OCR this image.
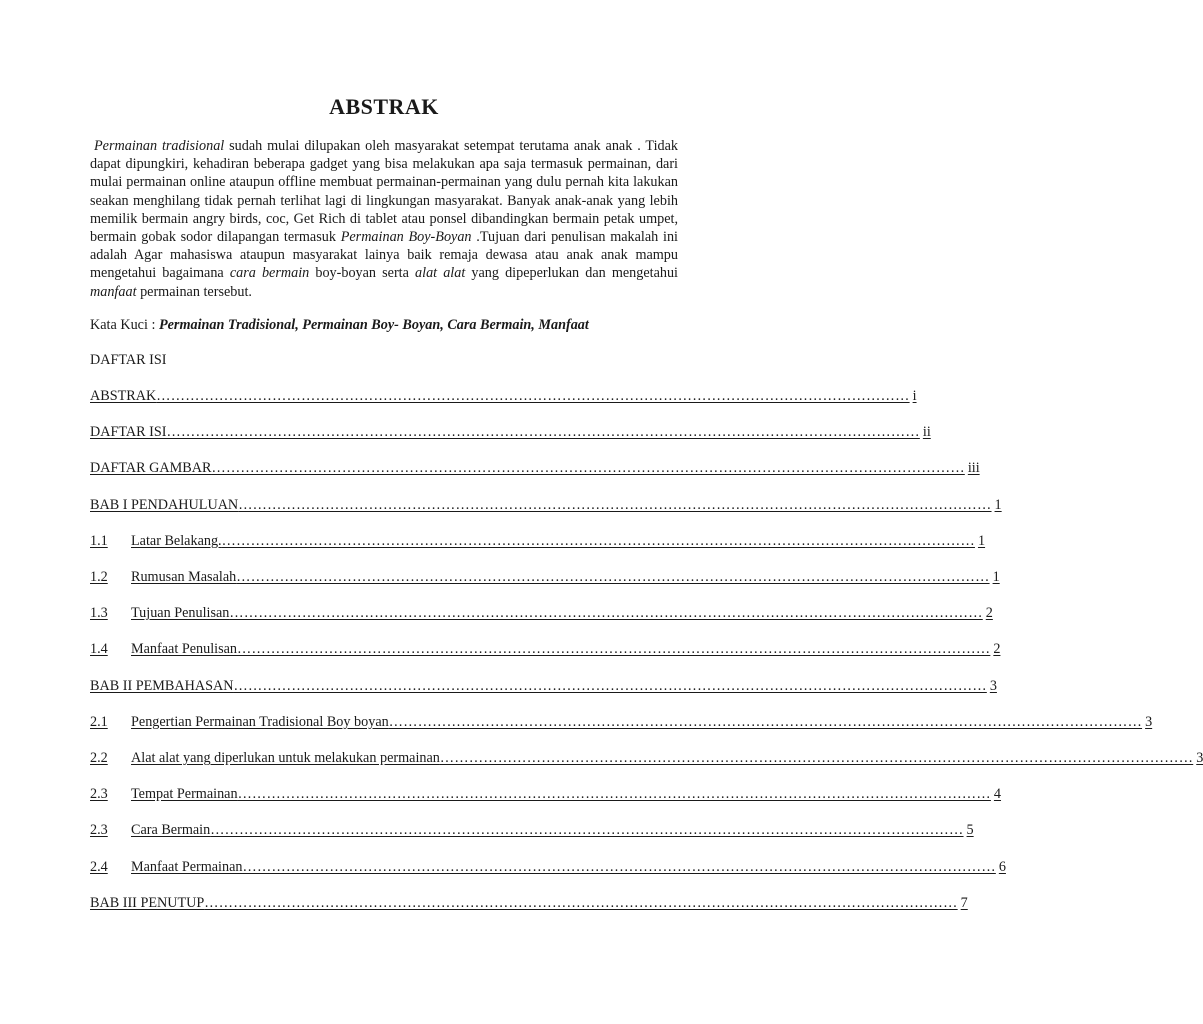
ABSTRAK
Permainan tradisional sudah mulai dilupakan oleh masyarakat setempat terutama anak anak . Tidak dapat dipungkiri, kehadiran beberapa gadget yang bisa melakukan apa saja termasuk permainan, dari mulai permainan online ataupun offline membuat permainan-permainan yang dulu pernah kita lakukan seakan menghilang tidak pernah terlihat lagi di lingkungan masyarakat. Banyak anak-anak yang lebih memilik bermain angry birds, coc, Get Rich di tablet atau ponsel dibandingkan bermain petak umpet, bermain gobak sodor dilapangan termasuk Permainan Boy-Boyan .Tujuan dari penulisan makalah ini adalah Agar mahasiswa ataupun masyarakat lainya baik remaja dewasa atau anak anak mampu mengetahui bagaimana cara bermain boy-boyan serta alat alat yang dipeperlukan dan mengetahui manfaat permainan tersebut.
Kata Kuci : Permainan Tradisional, Permainan Boy- Boyan, Cara Bermain, Manfaat
DAFTAR ISI
ABSTRAK ………………………………………………………………………………………………………………………………………… i
DAFTAR ISI ………………………………………………………………………………………………………………………………………… ii
DAFTAR GAMBAR ………………………………………………………………………………………………………………………………………… iii
BAB I PENDAHULUAN ………………………………………………………………………………………………………………………………………… 1
1.1	Latar Belakang. ………………………………………………………………………………………………………………………………………… 1
1.2	Rumusan Masalah ………………………………………………………………………………………………………………………………………… 1
1.3	Tujuan Penulisan ………………………………………………………………………………………………………………………………………… 2
1.4	Manfaat Penulisan ………………………………………………………………………………………………………………………………………… 2
BAB II PEMBAHASAN ………………………………………………………………………………………………………………………………………… 3
2.1	Pengertian Permainan Tradisional Boy boyan ………………………………………………………………………………………………………………………………………… 3
2.2	Alat alat yang diperlukan untuk melakukan permainan ………………………………………………………………………………………………………………………………………… 3
2.3	Tempat Permainan ………………………………………………………………………………………………………………………………………… 4
2.3	Cara Bermain ………………………………………………………………………………………………………………………………………… 5
2.4	Manfaat Permainan ………………………………………………………………………………………………………………………………………… 6
BAB III PENUTUP ………………………………………………………………………………………………………………………………………… 7
